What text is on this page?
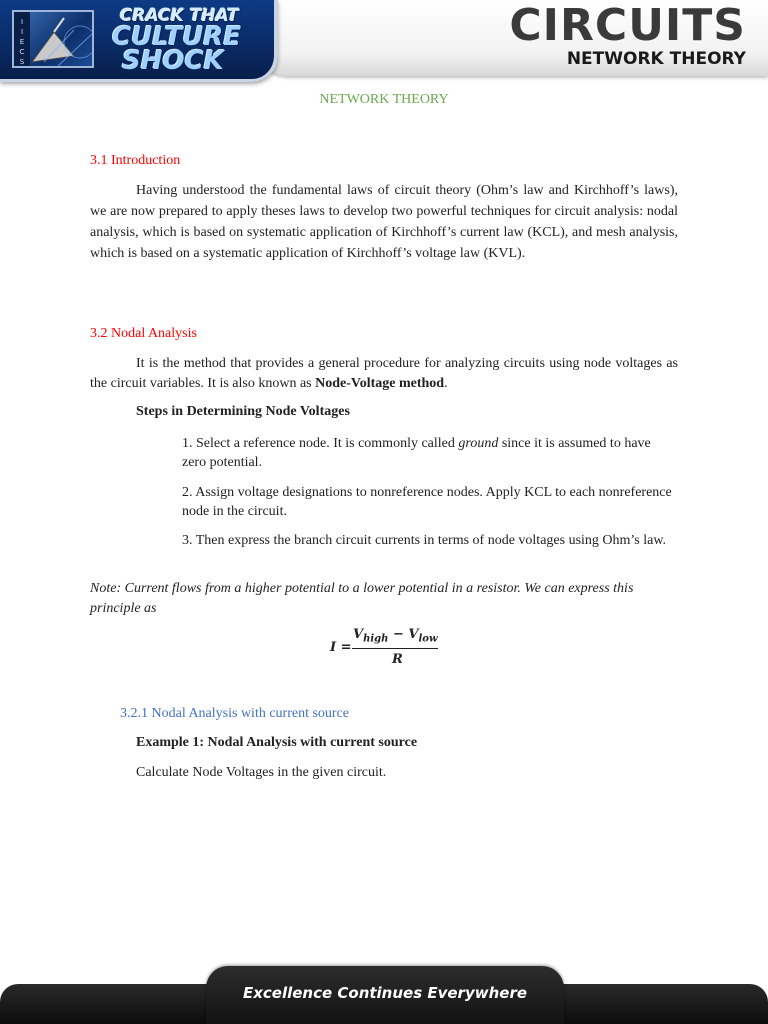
I
I
E
C
S
CRACK THAT
CULTURE
SHOCK
CIRCUITS
NETWORK THEORY
NETWORK THEORY
3.1 Introduction
Having understood the fundamental laws of circuit theory (Ohm’s law and Kirchhoff’s laws), we are now prepared to apply theses laws to develop two powerful techniques for circuit analysis: nodal analysis, which is based on systematic application of Kirchhoff’s current law (KCL), and mesh analysis, which is based on a systematic application of Kirchhoff’s voltage law (KVL).
3.2 Nodal Analysis
It is the method that provides a general procedure for analyzing circuits using node voltages as the circuit variables. It is also known as Node-Voltage method.
Steps in Determining Node Voltages
1. Select a reference node. It is commonly called ground since it is assumed to have zero potential.
2. Assign voltage designations to nonreference nodes. Apply KCL to each nonreference node in the circuit.
3. Then express the branch circuit currents in terms of node voltages using Ohm’s law.
Note: Current flows from a higher potential to a lower potential in a resistor. We can express this principle as
I =
$V_{high} - V_{low}$
R
3.2.1 Nodal Analysis with current source
Example 1: Nodal Analysis with current source
Calculate Node Voltages in the given circuit.
Excellence Continues Everywhere
